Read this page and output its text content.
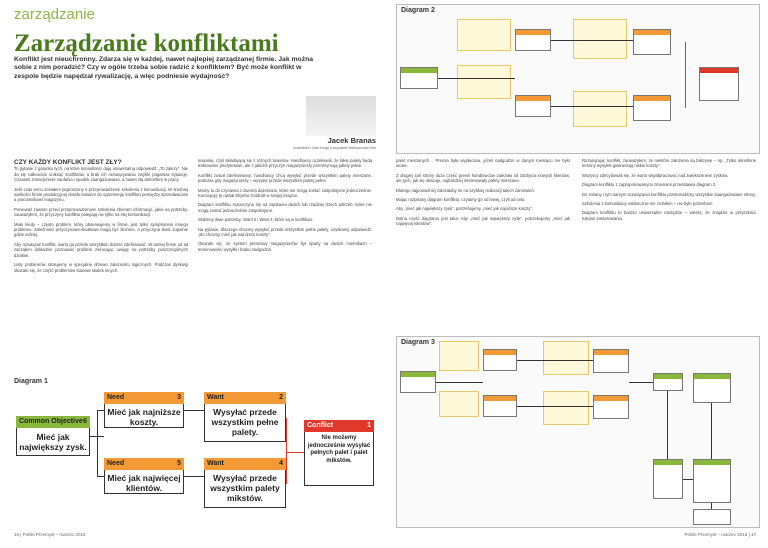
zarządzanie
Zarządzanie konfliktami
Konflikt jest nieuchronny. Zdarza się w każdej, nawet najlepiej zarządzanej firmie. Jak można sobie z nim poradzić? Czy w ogóle trzeba sobie radzić z konfliktem? Być może konflikt w zespole będzie napędzał rywalizację, a więc podniesie wydajność?
Jacek Branas
konsultant i lider bloga o poprawie efektywności firm
CZY KAŻDY KONFLIKT JEST ZŁY?

To pytanie z gatunku tych, na które konsultanci dają uniwersalną odpowiedź: „To zależy”. Nie da się całkowicie uniknąć konfliktów, a brak ich rozwiązywania zwykle pogarsza sytuację. Czasami zmniejszenie zaufania i spadek zaangażowania, a nawet złą atmosferę w pracy.

Jeśli czas temu zostałem poproszony o przeprowadzenie szkolenia z komunikacji. W średniej wielkości firmie produkcyjnej doszło bowiem do ogromnego konfliktu pomiędzy sprzedawcami a pracownikami magazynu.

Ponieważ zawsze przed przeprowadzeniem szkolenia zbieram informacje, jakie są potrzeby, zauważyłem, że przyczyny konfliktu polegają nie tylko na złej komunikacji.

Mało kiedy – często problem, który obserwujemy w firmie, jest tylko symptomem innego problemu. Zależności przyczynowo-skutkowe mogą być złożone, a przyczyna tkwić zupełnie gdzie indziej.

Aby rozwiązać konflikt, warto go przede wszystkim dobrze zdefiniować. W tamtej firmie od lat zacząłem dokładnie poznawać problem zwracając uwagę na potrzeby poszczególnych działów.

Listę problemów stosujemy w specjalne drzewo zależności logicznych. Podczas dyskusji okazało się, że część problemów stanowi skutek innych.

sowania, czyli składającą się z różnych towarów. Handlowcy oczekiwali, że takie palety będą traktowane priorytetowo, ale z jakichś przyczyn magazynierzy przetrzymują palety pełne.

Konflikt został zdefiniowany: handlowcy chcą wysyłać przede wszystkim palety mieszane, podczas gdy magazynierzy – wysyłać przede wszystkim palety pełne.

Mamy tu do czynienia z dwoma dążeniami, które nie mogą zostać zaspokojone jednocześnie. Koncepcję tę opisał Eliyahu Goldratt w swojej książce.

Diagram konfliktu rozpoczyna się od zapisania dwóch lub rzadziej trzech potrzeb, które nie mogą zostać jednocześnie zaspokojone.

Widzimy dwie potrzeby: Want 2 i Want 4, które są w konflikcie.

Na pytanie, dlaczego chcemy wysyłać przede wszystkim pełne palety, uzyskamy odpowiedź: „Bo chcemy mieć jak najniższe koszty”.

Okazało się, że system premiowy magazynierów był oparty na dwóch miernikach – terminowości wysyłki i braku nadgodzin.

Diagram 1
Common Objective 6
Mieć jak największy zysk.
Need	3
Mieć jak najniższe koszty.
Need	5
Mieć jak najwięcej klientów.
Want	2
Wysyłać przede wszystkim pełne palety.
Want	4
Wysyłać przede wszystkim palety mikstów.
Conflict	1
Nie możemy jednocześnie wysyłać pełnych palet i palet mikstów.
16 | Polski Przemysł – marzec 2016
Diagram 2

palet mieszanych… Premia była wypłacana, jeżeli nadgodzin w danym miesiącu nie było wcale.

Z drugiej zaś strony duża część premii handlowców zależała od zdobycia nowych klientów, ale tych, jak się okazuje, najbardziej interesowały palety mieszane.

Dlatego najpoważniej zależałoby im na szybkiej realizacji takich zamówień.

Mając rozpisany diagram konfliktu, czytamy go od lewej, czyli od celu.

Aby „mieć jak największy zysk”, potrzebujemy „mieć jak najniższe koszty”.

Dolna część diagramu jest taka: Aby „mieć jak największy zysk”, potrzebujemy „mieć jak najwięcej klientów”.

Rozwiązując konflikt, zauważyłem, że niektóre założenia są fałszywe – np. „Tylko określone terminy wysyłek gwarantują niskie koszty”.

Wszyscy zdecydowali się, że warto współpracować nad zwiększeniem zysków.

Diagram konfliktu z zaproponowanymi zmianami przedstawia diagram 3.

Do zmiany i tym samym rozwiązania konfliktu przekonaliśmy wszystkie zaangażowane strony.

Szkolenia z komunikacji ostatecznie nie zrobiłem – nie było potrzebne!

Diagram konfliktu to bardzo uniwersalne narzędzie – wierzę, że znajdzie w przyszłości kolejne zastosowania.

Diagram 3

Polski Przemysł – marzec 2016 | 17
